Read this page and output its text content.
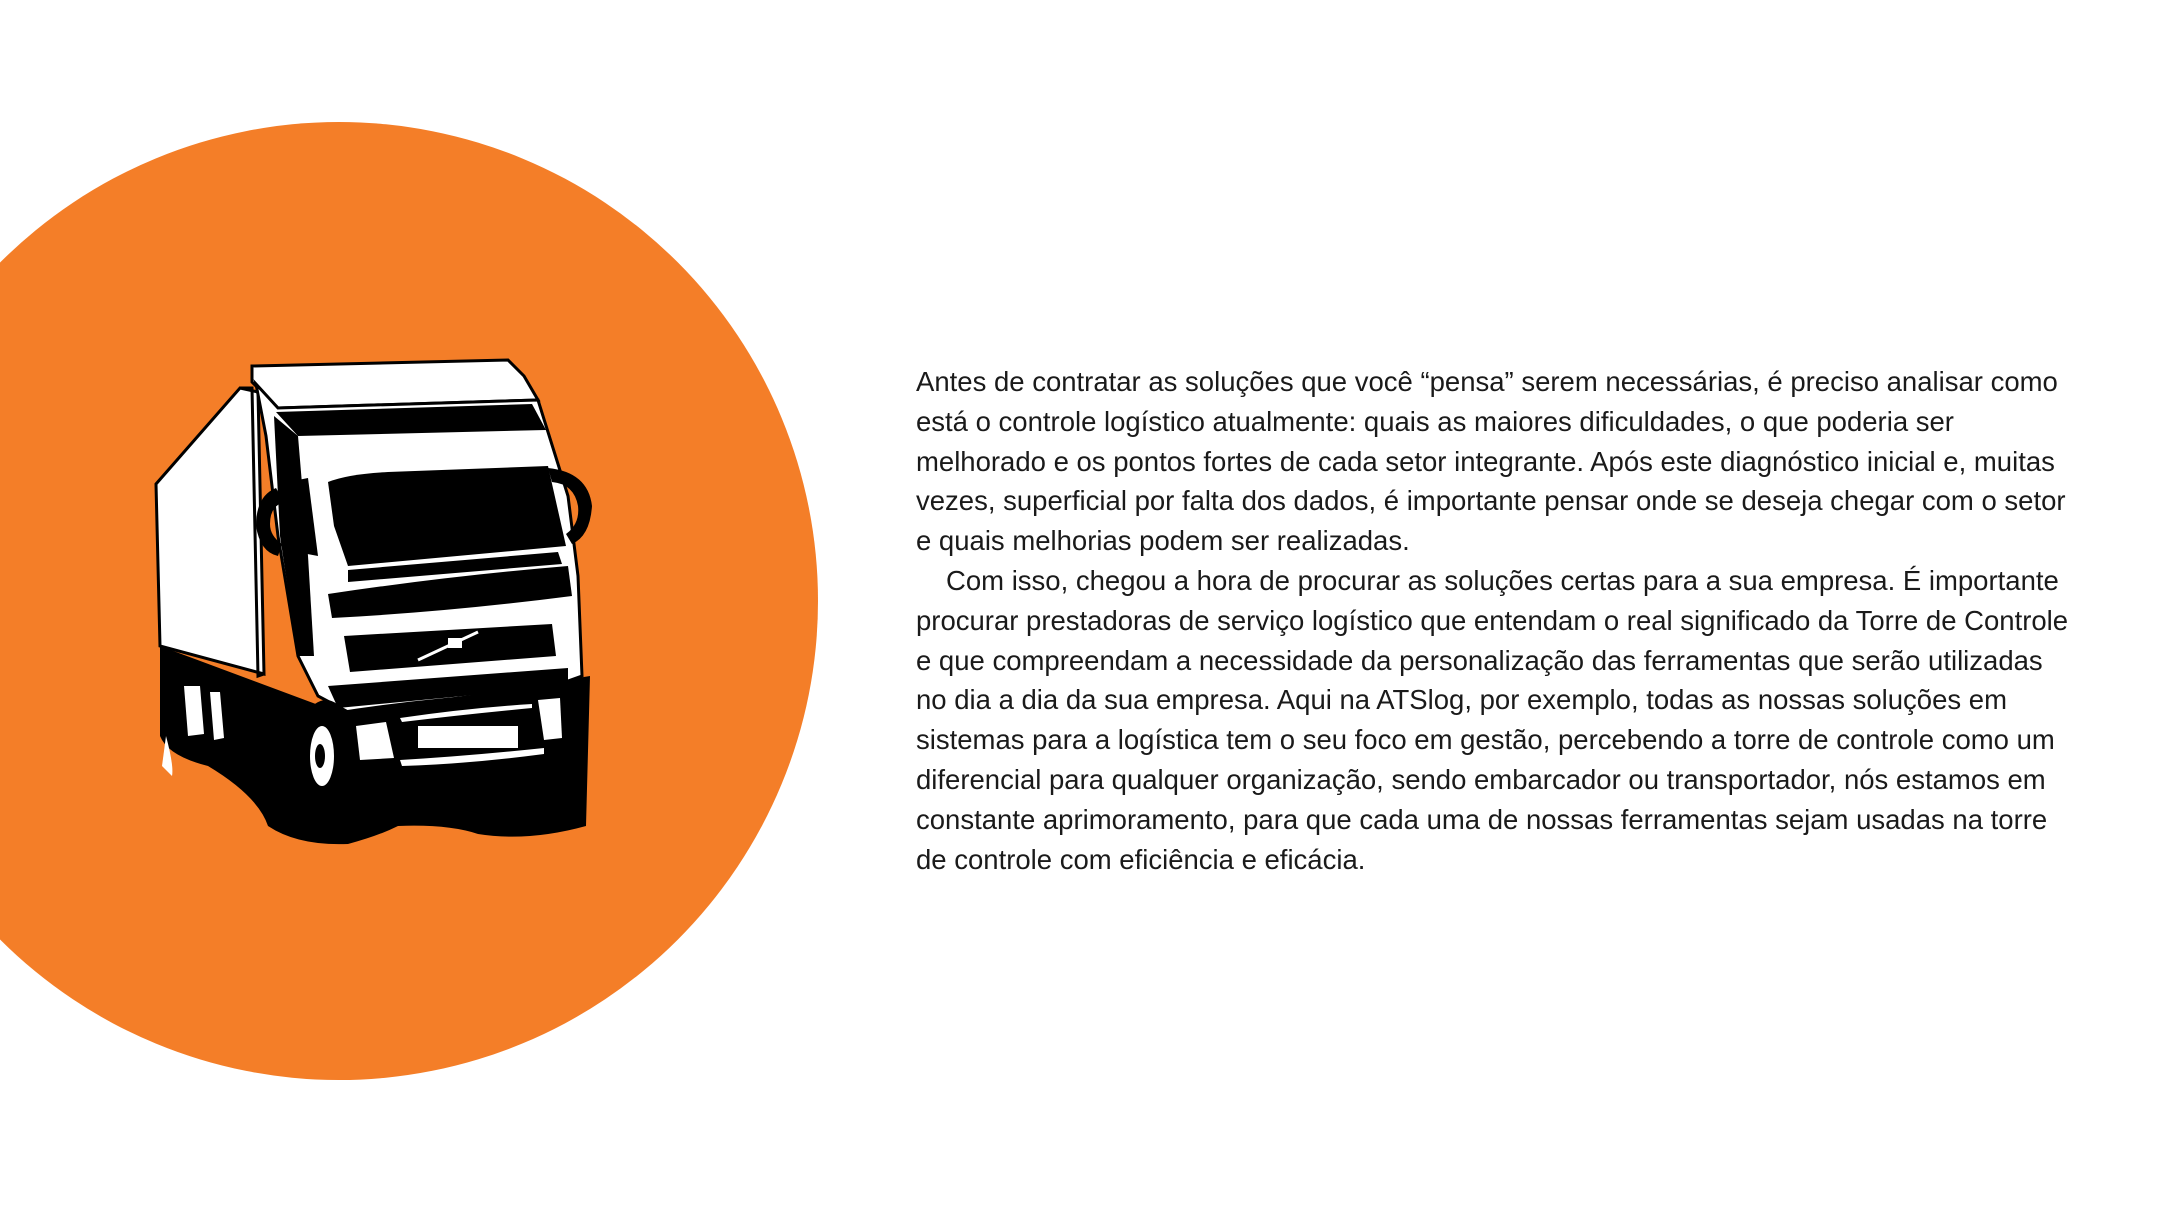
Antes de contratar as soluções que você “pensa” serem necessárias, é preciso analisar como está o controle logístico atualmente: quais as maiores dificuldades, o que poderia ser melhorado e os pontos fortes de cada setor integrante. Após este diagnóstico inicial e, muitas vezes, superficial por falta dos dados, é importante pensar onde se deseja chegar com o setor e quais melhorias podem ser realizadas.

Com isso, chegou a hora de procurar as soluções certas para a sua empresa. É importante procurar prestadoras de serviço logístico que entendam o real significado da Torre de Controle e que compreendam a necessidade da personalização das ferramentas que serão utilizadas no dia a dia da sua empresa. Aqui na ATSlog, por exemplo, todas as nossas soluções em sistemas para a logística tem o seu foco em gestão, percebendo a torre de controle como um diferencial para qualquer organização, sendo embarcador ou transportador, nós estamos em constante aprimoramento, para que cada uma de nossas ferramentas sejam usadas na torre de controle com eficiência e eficácia.
